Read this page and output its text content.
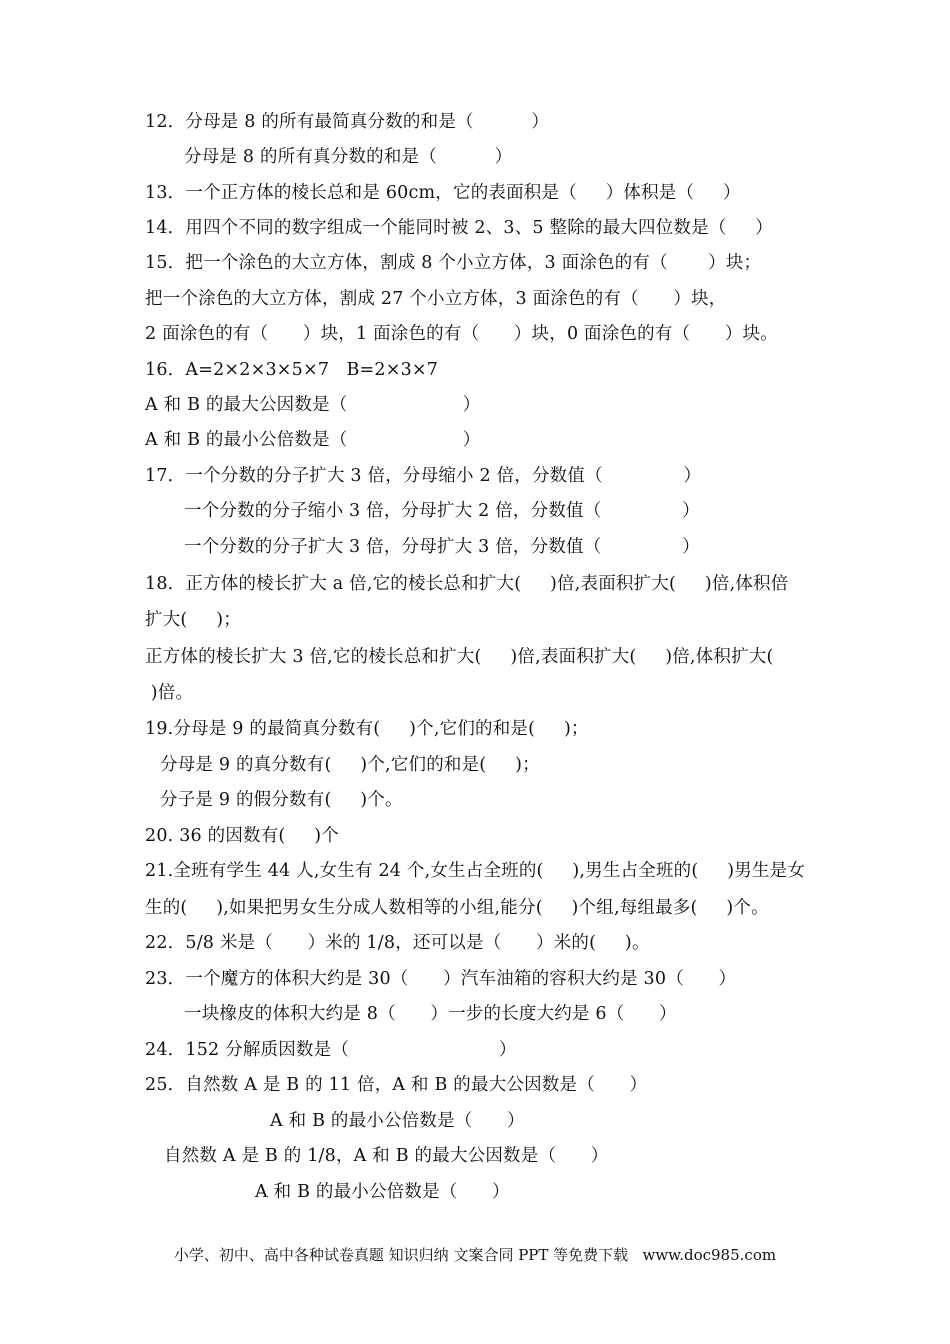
12．分母是 8 的所有最简真分数的和是（          ）
分母是 8 的所有真分数的和是（          ）
13．一个正方体的棱长总和是 60cm，它的表面积是（     ）体积是（     ）
14．用四个不同的数字组成一个能同时被 2、3、5 整除的最大四位数是（     ）
15．把一个涂色的大立方体，割成 8 个小立方体，3 面涂色的有（       ）块；
把一个涂色的大立方体，割成 27 个小立方体，3 面涂色的有（      ）块，
2 面涂色的有（      ）块，1 面涂色的有（      ）块，0 面涂色的有（      ）块。
16．A=2×2×3×5×7   B=2×3×7
A 和 B 的最大公因数是（                    ）
A 和 B 的最小公倍数是（                    ）
17．一个分数的分子扩大 3 倍，分母缩小 2 倍，分数值（              ）
一个分数的分子缩小 3 倍，分母扩大 2 倍，分数值（              ）
一个分数的分子扩大 3 倍，分母扩大 3 倍，分数值（              ）
18．正方体的棱长扩大 a 倍,它的棱长总和扩大(     )倍,表面积扩大(     )倍,体积倍
扩大(     )；
正方体的棱长扩大 3 倍,它的棱长总和扩大(     )倍,表面积扩大(     )倍,体积扩大(
)倍。
19.分母是 9 的最简真分数有(     )个,它们的和是(     )；
分母是 9 的真分数有(     )个,它们的和是(     )；
分子是 9 的假分数有(     )个。
20. 36 的因数有(     )个
21.全班有学生 44 人,女生有 24 个,女生占全班的(     ),男生占全班的(     )男生是女
生的(     ),如果把男女生分成人数相等的小组,能分(     )个组,每组最多(     )个。
22．5/8 米是（      ）米的 1/8，还可以是（      ）米的(     )。
23．一个魔方的体积大约是 30（      ）汽车油箱的容积大约是 30（      ）
一块橡皮的体积大约是 8（      ）一步的长度大约是 6（      ）
24．152 分解质因数是（                          ）
25．自然数 A 是 B 的 11 倍，A 和 B 的最大公因数是（      ）
A 和 B 的最小公倍数是（      ）
自然数 A 是 B 的 1/8，A 和 B 的最大公因数是（      ）
A 和 B 的最小公倍数是（      ）
小学、初中、高中各种试卷真题 知识归纳 文案合同 PPT 等免费下载   www.doc985.com
